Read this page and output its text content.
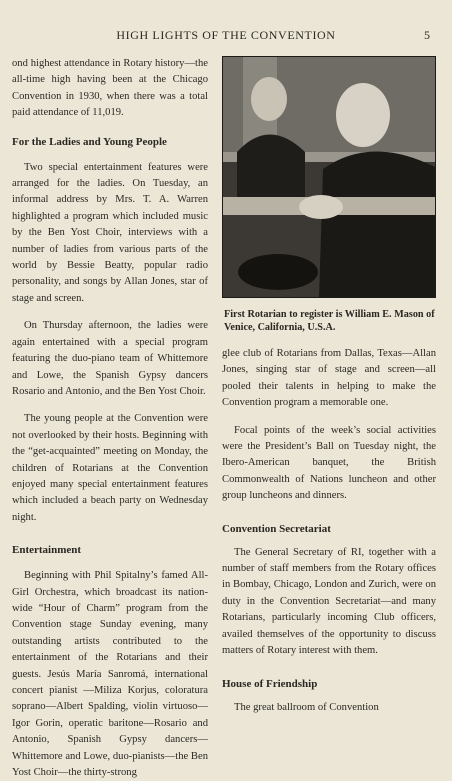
HIGH LIGHTS OF THE CONVENTION	5

ond highest attendance in Rotary history—the all-time high having been at the Chicago Convention in 1930, when there was a total paid attendance of 11,019.

For the Ladies and Young People

Two special entertainment features were arranged for the ladies. On Tuesday, an informal address by Mrs. T. A. Warren highlighted a program which included music by the Ben Yost Choir, interviews with a number of ladies from various parts of the world by Bessie Beatty, popular radio personality, and songs by Allan Jones, star of stage and screen.

On Thursday afternoon, the ladies were again entertained with a special program featuring the duo-piano team of Whittemore and Lowe, the Spanish Gypsy dancers Rosario and Antonio, and the Ben Yost Choir.

The young people at the Convention were not overlooked by their hosts. Beginning with the “get-acquainted” meeting on Monday, the children of Rotarians at the Convention enjoyed many special entertainment features which included a beach party on Wednesday night.

Entertainment

Beginning with Phil Spitalny’s famed All-Girl Orchestra, which broadcast its nation-wide “Hour of Charm” program from the Convention stage Sunday evening, many outstanding artists contributed to the entertainment of the Rotarians and their guests. Jesús María Sanromá, international concert pianist —Miliza Korjus, coloratura soprano—Albert Spalding, violin virtuoso—Igor Gorin, operatic baritone—Rosario and Antonio, Spanish Gypsy dancers—Whittemore and Lowe, duo-pianists—the Ben Yost Choir—the thirty-strong

First Rotarian to register is William E. Mason of Venice, California, U.S.A.

glee club of Rotarians from Dallas, Texas—Allan Jones, singing star of stage and screen—all pooled their talents in helping to make the Convention program a memorable one.

Focal points of the week’s social activities were the President’s Ball on Tuesday night, the Ibero-American banquet, the British Commonwealth of Nations luncheon and other group luncheons and dinners.

Convention Secretariat

The General Secretary of RI, together with a number of staff members from the Rotary offices in Bombay, Chicago, London and Zurich, were on duty in the Convention Secretariat—and many Rotarians, particularly incoming Club officers, availed themselves of the opportunity to discuss matters of Rotary interest with them.

House of Friendship

The great ballroom of Convention
